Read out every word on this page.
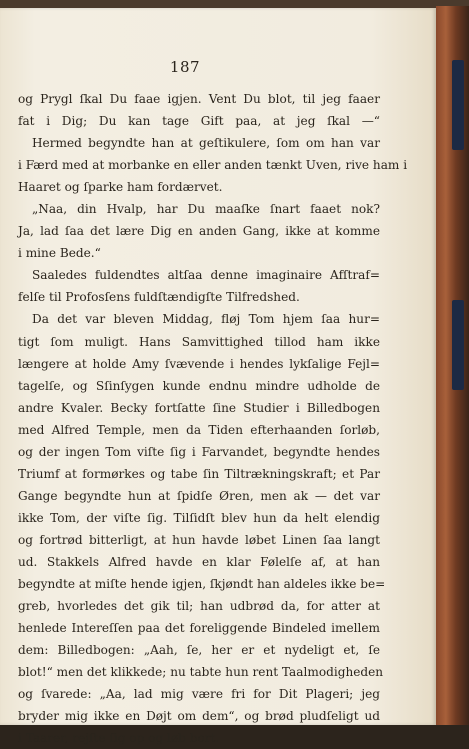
187
og Prygl ſkal Du faae igjen. Vent Du blot, til jeg faaer
fat i Dig; Du kan tage Gift paa, at jeg ſkal —“
Hermed begyndte han at geſtikulere, ſom om han var
i Færd med at morbanke en eller anden tænkt Uven, rive ham i
Haaret og ſparke ham fordærvet.
„Naa, din Hvalp, har Du maaſke ſnart faaet nok?
Ja, lad ſaa det lære Dig en anden Gang, ikke at komme
i mine Bede.“
Saaledes fuldendtes altſaa denne imaginaire Afſtraf=
felſe til Profosſens fuldſtændigſte Tilfredshed.
Da det var bleven Middag, fløj Tom hjem ſaa hur=
tigt ſom muligt. Hans Samvittighed tillod ham ikke
længere at holde Amy ſvævende i hendes lykſalige Fejl=
tagelſe, og Sſinſygen kunde endnu mindre udholde de
andre Kvaler. Becky fortſatte ſine Studier i Billedbogen
med Alfred Temple, men da Tiden efterhaanden ſorløb,
og der ingen Tom viſte ſig i Farvandet, begyndte hendes
Triumf at formørkes og tabe ſin Tiltrækningskraft; et Par
Gange begyndte hun at ſpidſe Øren, men ak — det var
ikke Tom, der viſte ſig. Tilſidſt blev hun da helt elendig
og fortrød bitterligt, at hun havde løbet Linen ſaa langt
ud. Stakkels Alfred havde en klar Følelſe af, at han
begyndte at miſte hende igjen, ſkjøndt han aldeles ikke be=
greb, hvorledes det gik til; han udbrød da, for atter at
henlede Intereſſen paa det foreliggende Bindeled imellem
dem: Billedbogen: „Aah, ſe, her er et nydeligt et, ſe
blot!“ men det klikkede; nu tabte hun rent Taalmodigheden
og ſvarede: „Aa, lad mig være fri for Dit Plageri; jeg
bryder mig ikke en Døjt om dem“, og brød pludſeligt ud
i Taarer, rejſte ſig op og løb bort.
